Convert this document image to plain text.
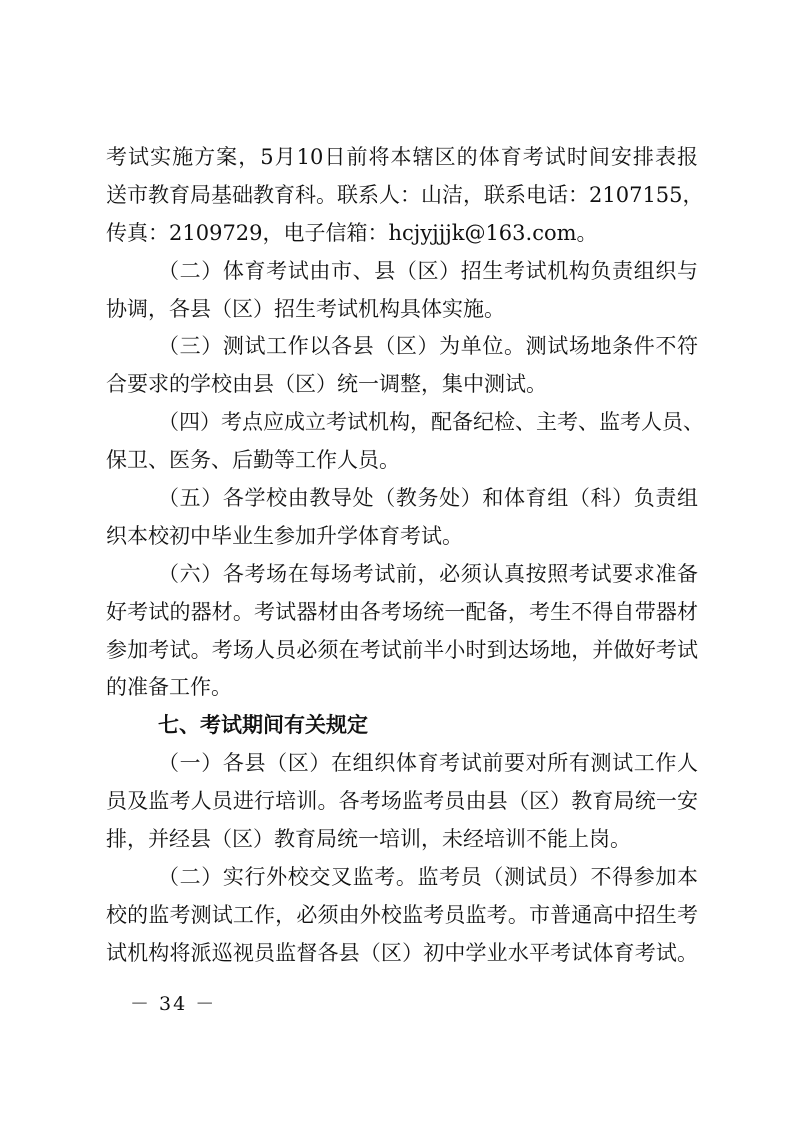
考试实施方案，5月10日前将本辖区的体育考试时间安排表报
送市教育局基础教育科。联系人：山洁，联系电话：2107155，
传真：2109729，电子信箱：hcjyjjjk@163.com。
（二）体育考试由市、县（区）招生考试机构负责组织与
协调，各县（区）招生考试机构具体实施。
（三）测试工作以各县（区）为单位。测试场地条件不符
合要求的学校由县（区）统一调整，集中测试。
（四）考点应成立考试机构，配备纪检、主考、监考人员、
保卫、医务、后勤等工作人员。
（五）各学校由教导处（教务处）和体育组（科）负责组
织本校初中毕业生参加升学体育考试。
（六）各考场在每场考试前，必须认真按照考试要求准备
好考试的器材。考试器材由各考场统一配备，考生不得自带器材
参加考试。考场人员必须在考试前半小时到达场地，并做好考试
的准备工作。
七、考试期间有关规定
（一）各县（区）在组织体育考试前要对所有测试工作人
员及监考人员进行培训。各考场监考员由县（区）教育局统一安
排，并经县（区）教育局统一培训，未经培训不能上岗。
（二）实行外校交叉监考。监考员（测试员）不得参加本
校的监考测试工作，必须由外校监考员监考。市普通高中招生考
试机构将派巡视员监督各县（区）初中学业水平考试体育考试。
－ 34 －
